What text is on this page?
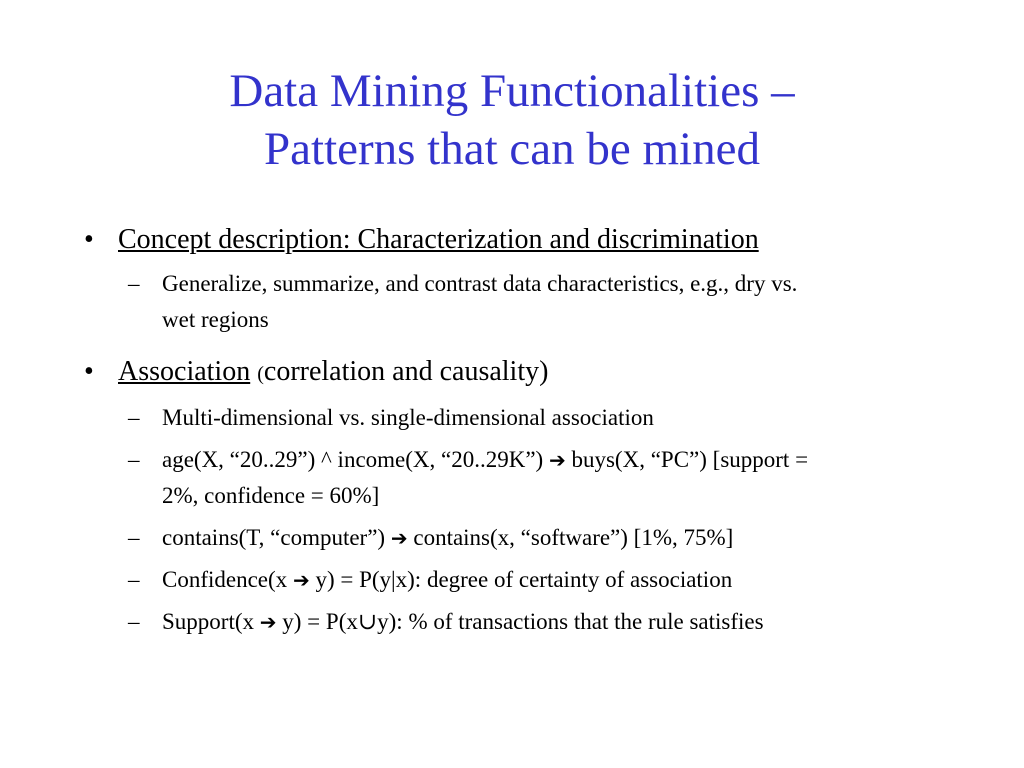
Data Mining Functionalities –
Patterns that can be mined

• Concept description: Characterization and discrimination

– Generalize, summarize, and contrast data characteristics, e.g., dry vs.
wet regions

• Association (correlation and causality)

– Multi-dimensional vs. single-dimensional association

– age(X, “20..29”) ^ income(X, “20..29K”) ➔ buys(X, “PC”) [support =
2%, confidence = 60%]

– contains(T, “computer”) ➔ contains(x, “software”) [1%, 75%]

– Confidence(x ➔ y) = P(y|x): degree of certainty of association

– Support(x ➔ y) = P(x∪y): % of transactions that the rule satisfies
